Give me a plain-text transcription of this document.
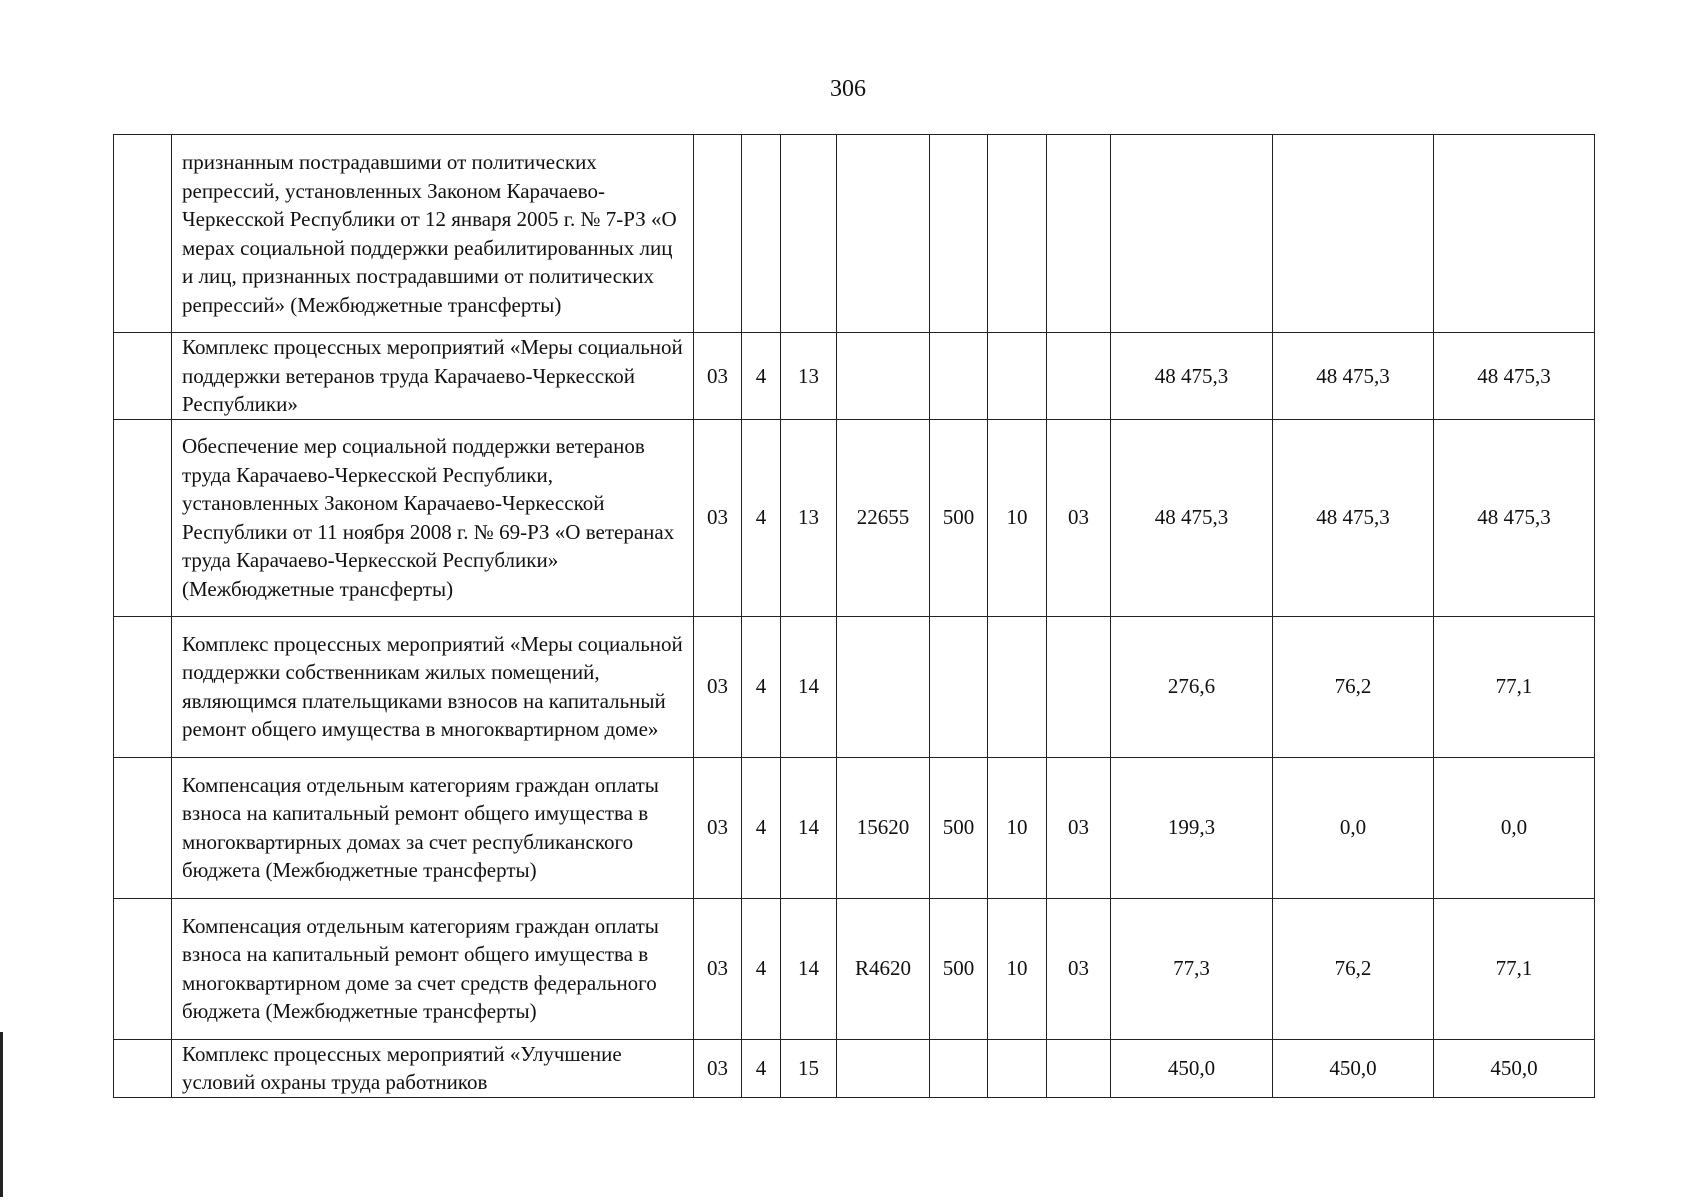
306
	признанным пострадавшими от политических репрессий, установленных Законом Карачаево-Черкесской Республики от 12 января 2005 г. № 7-РЗ «О мерах социальной поддержки реабилитированных лиц и лиц, признанных пострадавшими от политических репрессий» (Межбюджетные трансферты)										
	Комплекс процессных мероприятий «Меры социальной поддержки ветеранов труда Карачаево-Черкесской Республики»	03	4	13					48 475,3	48 475,3	48 475,3
	Обеспечение мер социальной поддержки ветеранов труда Карачаево-Черкесской Республики, установленных Законом Карачаево-Черкесской Республики от 11 ноября 2008 г. № 69-РЗ «О ветеранах труда Карачаево-Черкесской Республики» (Межбюджетные трансферты)	03	4	13	22655	500	10	03	48 475,3	48 475,3	48 475,3
	Комплекс процессных мероприятий «Меры социальной поддержки собственникам жилых помещений, являющимся плательщиками взносов на капитальный ремонт общего имущества в многоквартирном доме»	03	4	14					276,6	76,2	77,1
	Компенсация отдельным категориям граждан оплаты взноса на капитальный ремонт общего имущества в многоквартирных домах за счет республиканского бюджета (Межбюджетные трансферты)	03	4	14	15620	500	10	03	199,3	0,0	0,0
	Компенсация отдельным категориям граждан оплаты взноса на капитальный ремонт общего имущества в многоквартирном доме за счет средств федерального бюджета (Межбюджетные трансферты)	03	4	14	R4620	500	10	03	77,3	76,2	77,1
	Комплекс процессных мероприятий «Улучшение условий охраны труда работников	03	4	15					450,0	450,0	450,0
